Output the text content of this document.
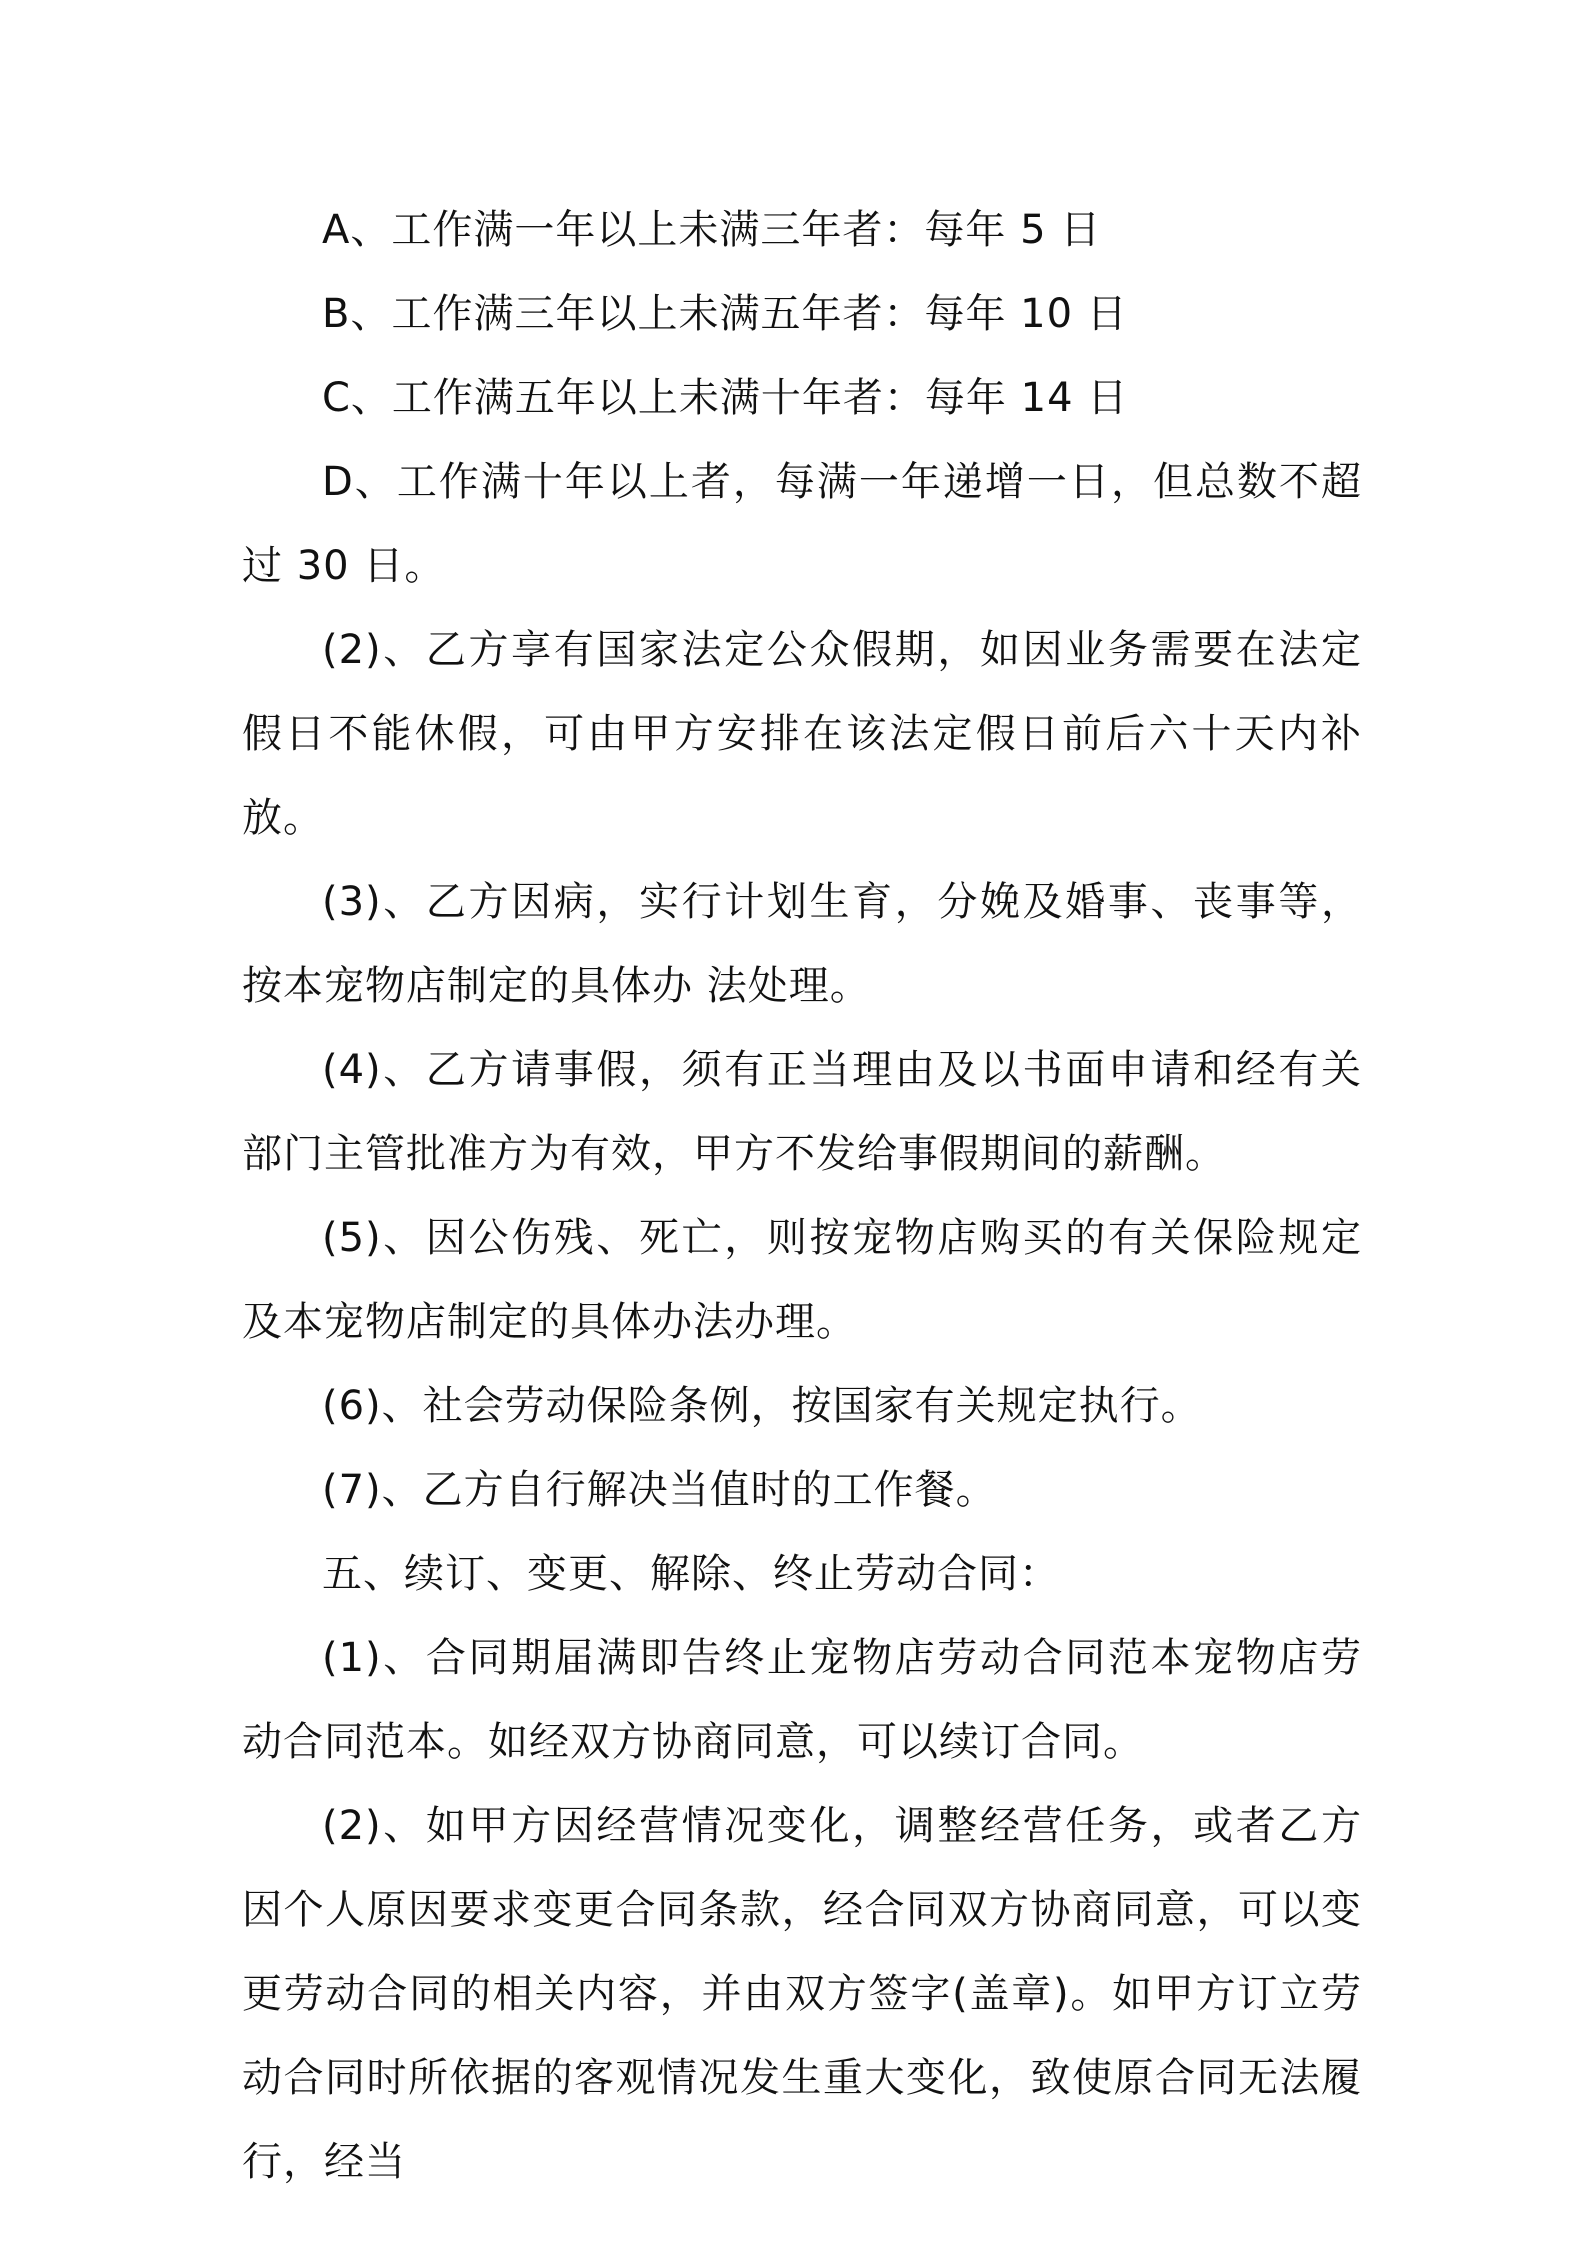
A、工作满一年以上未满三年者：每年 5 日

B、工作满三年以上未满五年者：每年 10 日

C、工作满五年以上未满十年者：每年 14 日

D、工作满十年以上者，每满一年递增一日，但总数不超过 30 日。

(2)、乙方享有国家法定公众假期，如因业务需要在法定假日不能休假，可由甲方安排在该法定假日前后六十天内补放。

(3)、乙方因病，实行计划生育，分娩及婚事、丧事等，按本宠物店制定的具体办 法处理。

(4)、乙方请事假，须有正当理由及以书面申请和经有关部门主管批准方为有效，甲方不发给事假期间的薪酬。

(5)、因公伤残、死亡，则按宠物店购买的有关保险规定及本宠物店制定的具体办法办理。

(6)、社会劳动保险条例，按国家有关规定执行。

(7)、乙方自行解决当值时的工作餐。

五、续订、变更、解除、终止劳动合同：

(1)、合同期届满即告终止宠物店劳动合同范本宠物店劳动合同范本。如经双方协商同意，可以续订合同。

(2)、如甲方因经营情况变化，调整经营任务，或者乙方因个人原因要求变更合同条款，经合同双方协商同意，可以变更劳动合同的相关内容，并由双方签字(盖章)。如甲方订立劳动合同时所依据的客观情况发生重大变化，致使原合同无法履行，经当
